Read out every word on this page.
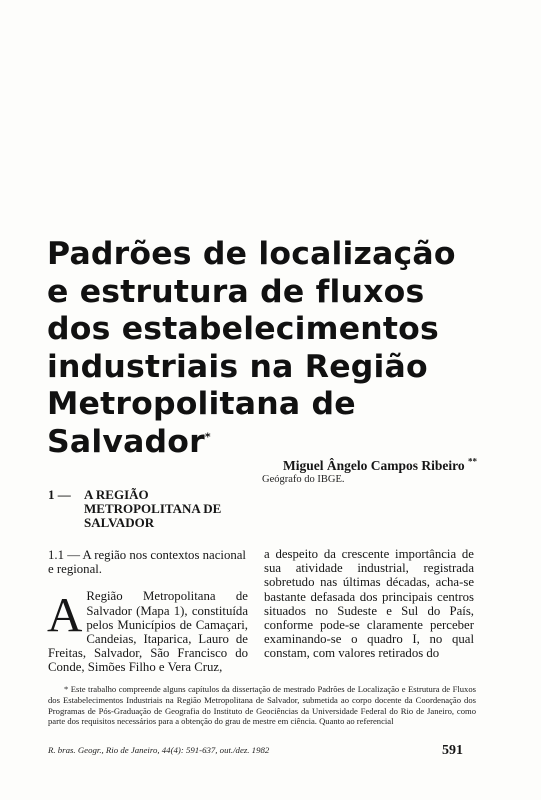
Padrões de localização
e estrutura de fluxos
dos estabelecimentos
industriais na Região
Metropolitana de
Salvador*
Miguel Ângelo Campos Ribeiro **
Geógrafo do IBGE.
1 — A REGIÃO
METROPOLITANA DE
SALVADOR

1.1 — A região nos contextos nacional e regional.

A Região Metropolitana de Salvador (Mapa 1), constituída pelos Municípios de Camaçari, Candeias, Itaparica, Lauro de Freitas, Salvador, São Francisco do Conde, Simões Filho e Vera Cruz,

a despeito da crescente importância de sua atividade industrial, registrada sobretudo nas últimas décadas, acha-se bastante defasada dos principais centros situados no Sudeste e Sul do País, conforme pode-se claramente perceber examinando-se o quadro I, no qual constam, com valores retirados do

* Este trabalho compreende alguns capítulos da dissertação de mestrado Padrões de Localização e Estrutura de Fluxos dos Estabelecimentos Industriais na Região Metropolitana de Salvador, submetida ao corpo docente da Coordenação dos Programas de Pós-Graduação de Geografia do Instituto de Geociências da Universidade Federal do Rio de Janeiro, como parte dos requisitos necessários para a obtenção do grau de mestre em ciência. Quanto ao referencial
R. bras. Geogr., Rio de Janeiro, 44(4): 591-637, out./dez. 1982	591
